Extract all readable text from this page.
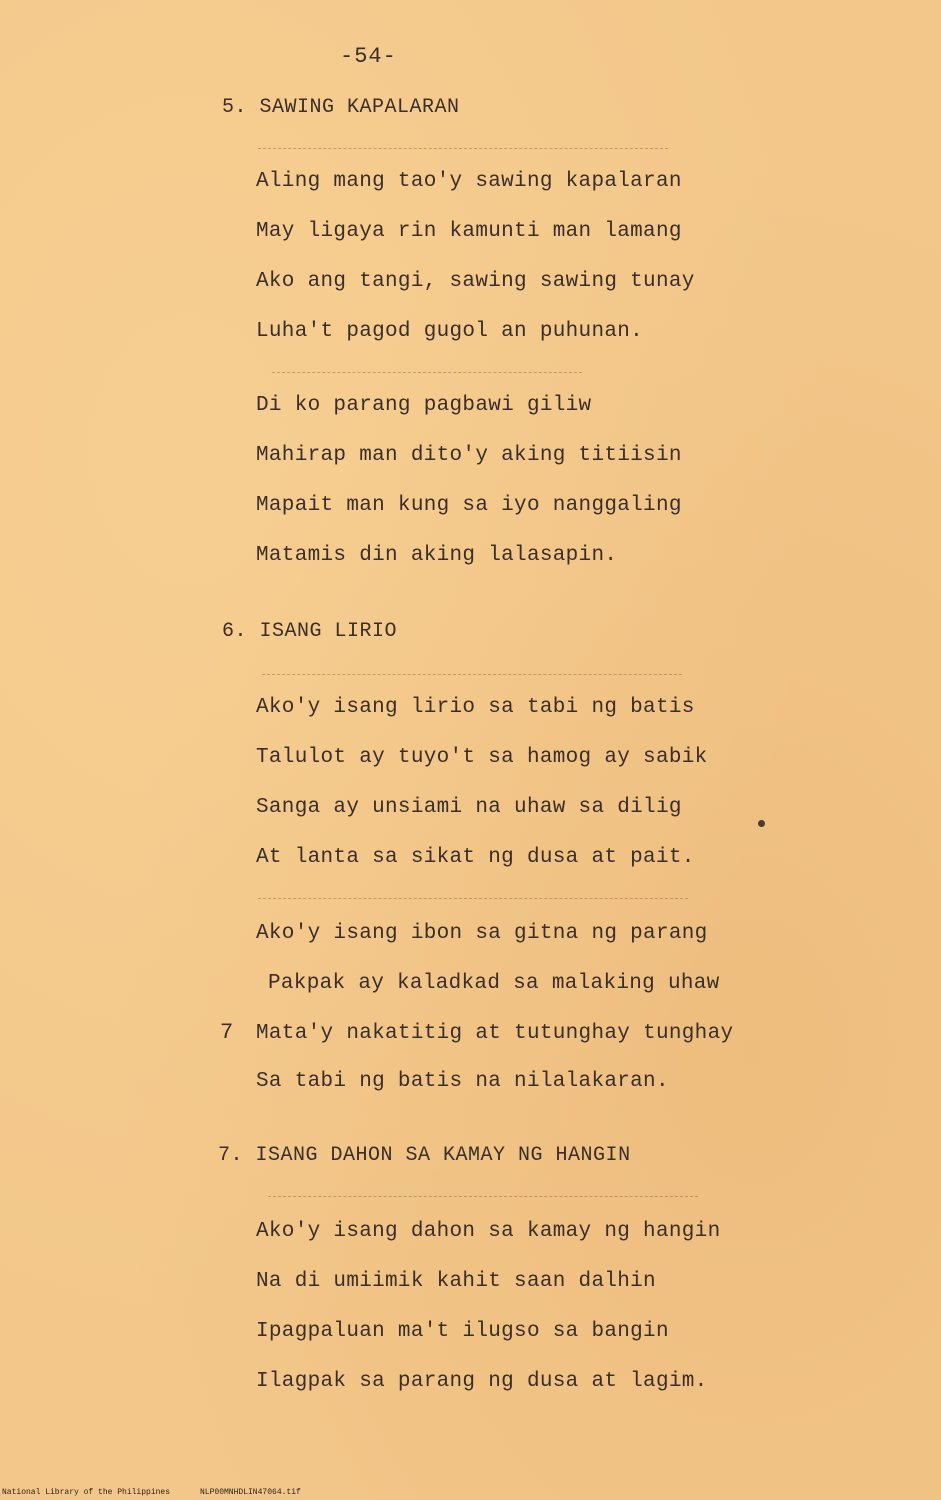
-54-
5. SAWING KAPALARAN
Aling mang tao'y sawing kapalaran
May ligaya rin kamunti man lamang
Ako ang tangi, sawing sawing tunay
Luha't pagod gugol an puhunan.
Di ko parang pagbawi giliw
Mahirap man dito'y aking titiisin
Mapait man kung sa iyo nanggaling
Matamis din aking lalasapin.
6. ISANG LIRIO
Ako'y isang lirio sa tabi ng batis
Talulot ay tuyo't sa hamog ay sabik
Sanga ay unsiami na uhaw sa dilig
At lanta sa sikat ng dusa at pait.
Ako'y isang ibon sa gitna ng parang
Pakpak ay kaladkad sa malaking uhaw
7 Mata'y nakatitig at tutunghay tunghay
Sa tabi ng batis na nilalakaran.
7. ISANG DAHON SA KAMAY NG HANGIN
Ako'y isang dahon sa kamay ng hangin
Na di umiimik kahit saan dalhin
Ipagpaluan ma't ilugso sa bangin
Ilagpak sa parang ng dusa at lagim.
National Library of the Philippines	NLP00MNHDLIN47064.tif
